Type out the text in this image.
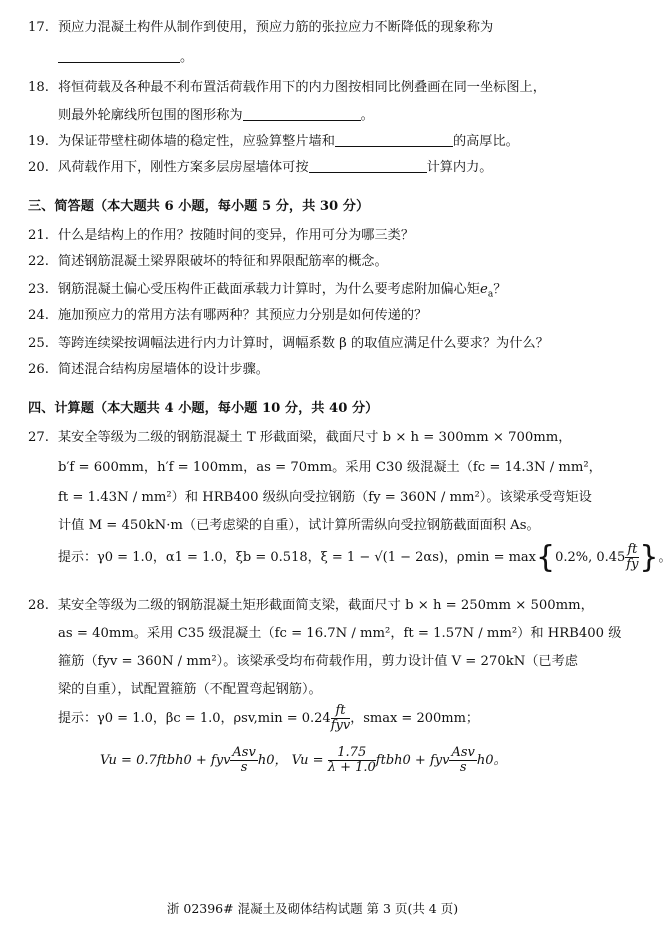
17. 预应力混凝土构件从制作到使用，预应力筋的张拉应力不断降低的现象称为
。
18. 将恒荷载及各种最不利布置活荷载作用下的内力图按相同比例叠画在同一坐标图上，
则最外轮廓线所包围的图形称为	。
19. 为保证带壁柱砌体墙的稳定性，应验算整片墙和	的高厚比。
20. 风荷载作用下，刚性方案多层房屋墙体可按	计算内力。
三、简答题（本大题共 6 小题，每小题 5 分，共 30 分）
21. 什么是结构上的作用？按随时间的变异，作用可分为哪三类？
22. 简述钢筋混凝土梁界限破坏的特征和界限配筋率的概念。
23. 钢筋混凝土偏心受压构件正截面承载力计算时，为什么要考虑附加偏心矩$e_a$？
24. 施加预应力的常用方法有哪两种？其预应力分别是如何传递的？
25. 等跨连续梁按调幅法进行内力计算时，调幅系数 β 的取值应满足什么要求？为什么？
26. 简述混合结构房屋墙体的设计步骤。
四、计算题（本大题共 4 小题，每小题 10 分，共 40 分）
27. 某安全等级为二级的钢筋混凝土 T 形截面梁，截面尺寸 b × h = 300mm × 700mm，
b′f = 600mm，h′f = 100mm，as = 70mm。采用 C30 级混凝土（fc = 14.3N / mm²，
ft = 1.43N / mm²）和 HRB400 级纵向受拉钢筋（fy = 360N / mm²）。该梁承受弯矩设
计值 M = 450kN·m（已考虑梁的自重），试计算所需纵向受拉钢筋截面面积 As。
提示：γ0 = 1.0，α1 = 1.0，ξb = 0.518，ξ = 1 − √(1 − 2αs)，ρmin = max{0.2%, $0.45 \frac{ft}{fy}$ }。
28. 某安全等级为二级的钢筋混凝土矩形截面简支梁，截面尺寸 b × h = 250mm × 500mm，
as = 40mm。采用 C35 级混凝土（fc = 16.7N / mm²，ft = 1.57N / mm²）和 HRB400 级
箍筋（fyv = 360N / mm²）。该梁承受均布荷载作用，剪力设计值 V = 270kN（已考虑
梁的自重），试配置箍筋（不配置弯起钢筋）。
提示：γ0 = 1.0，βc = 1.0，$\rho sv,\min = 0.24 \frac{ft}{\text{fyv}}$ ，smax = 200mm；
Vu = 0.7ftbh0 + fyv $\frac{\text{Asv}}{s} h0$， $Vu = \frac{1.75}{\lambda + 1.0}$ ftbh0 + fyv $\frac{\text{Asv}}{s} h0$。
浙 02396# 混凝土及砌体结构试题 第 3 页(共 4 页)
